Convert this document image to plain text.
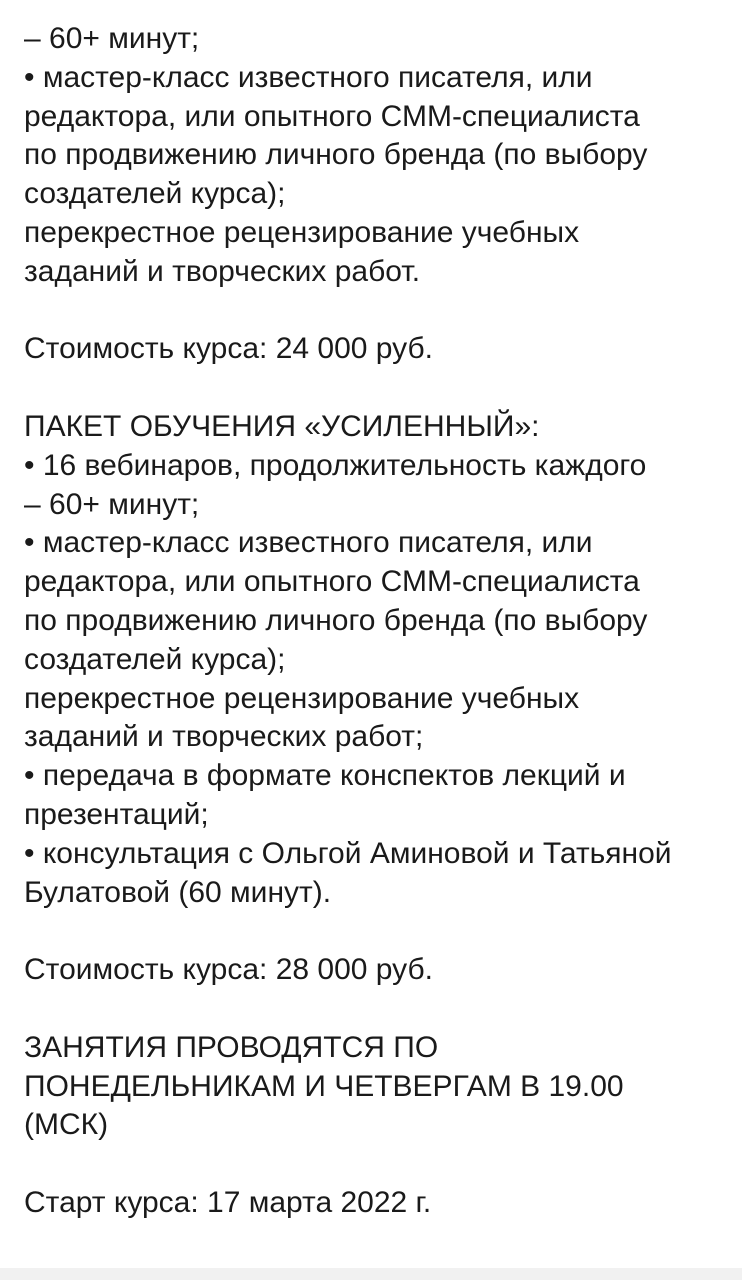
– 60+ минут;
• мастер-класс известного писателя, или
редактора, или опытного СММ-специалиста
по продвижению личного бренда (по выбору
создателей курса);
перекрестное рецензирование учебных
заданий и творческих работ.
Стоимость курса: 24 000 руб.
ПАКЕТ ОБУЧЕНИЯ «УСИЛЕННЫЙ»:
• 16 вебинаров, продолжительность каждого
– 60+ минут;
• мастер-класс известного писателя, или
редактора, или опытного СММ-специалиста
по продвижению личного бренда (по выбору
создателей курса);
перекрестное рецензирование учебных
заданий и творческих работ;
• передача в формате конспектов лекций и
презентаций;
• консультация с Ольгой Аминовой и Татьяной
Булатовой (60 минут).
Стоимость курса: 28 000 руб.
ЗАНЯТИЯ ПРОВОДЯТСЯ ПО
ПОНЕДЕЛЬНИКАМ И ЧЕТВЕРГАМ В 19.00
(МСК)
Старт курса: 17 марта 2022 г.
